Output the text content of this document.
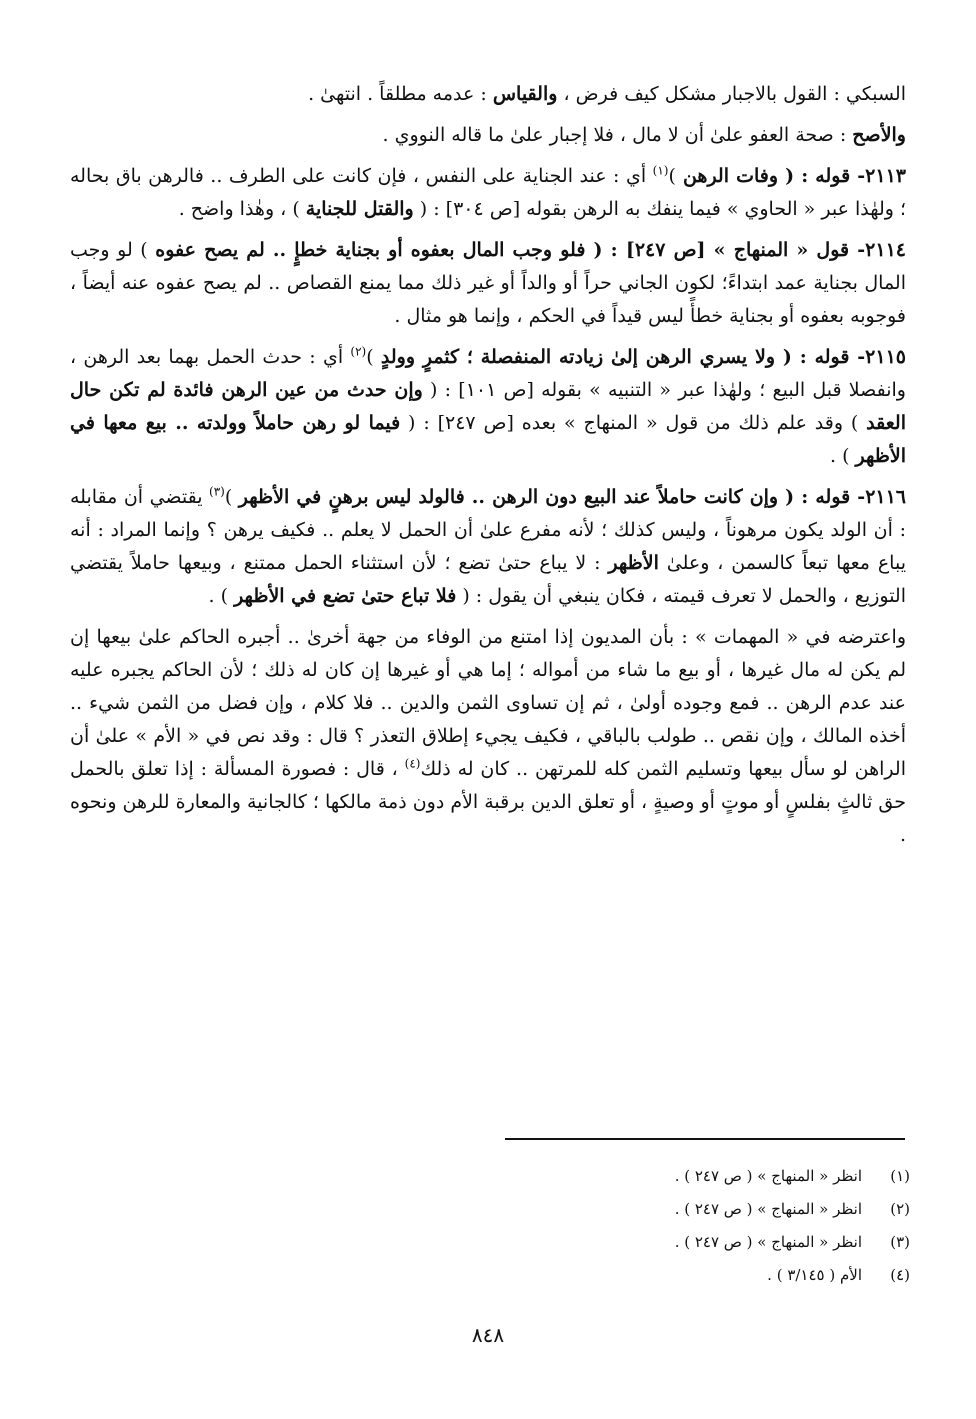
السبكي : القول بالاجبار مشكل كيف فرض ، والقياس : عدمه مطلقاً . انتهىٰ .

والأصح : صحة العفو علىٰ أن لا مال ، فلا إجبار علىٰ ما قاله النووي .

٢١١٣- قوله : ( وفات الرهن )$^{(١)}$ أي : عند الجناية على النفس ، فإن كانت على الطرف .. فالرهن باق بحاله ؛ ولهٰذا عبر « الحاوي » فيما ينفك به الرهن بقوله [ص ٣٠٤] : ( والقتل للجناية ) ، وهٰذا واضح .

٢١١٤- قول « المنهاج » [ص ٢٤٧] : ( فلو وجب المال بعفوه أو بجناية خطإٍ .. لم يصح عفوه ) لو وجب المال بجناية عمد ابتداءً؛ لكون الجاني حراً أو والداً أو غير ذلك مما يمنع القصاص .. لم يصح عفوه عنه أيضاً ، فوجوبه بعفوه أو بجناية خطأً ليس قيداً في الحكم ، وإنما هو مثال .

٢١١٥- قوله : ( ولا يسري الرهن إلىٰ زيادته المنفصلة ؛ كثمرٍ وولدٍ )$^{(٢)}$ أي : حدث الحمل بهما بعد الرهن ، وانفصلا قبل البيع ؛ ولهٰذا عبر « التنبيه » بقوله [ص ١٠١] : ( وإن حدث من عين الرهن فائدة لم تكن حال العقد ) وقد علم ذلك من قول « المنهاج » بعده [ص ٢٤٧] : ( فيما لو رهن حاملاً وولدته .. بيع معها في الأظهر ) .

٢١١٦- قوله : ( وإن كانت حاملاً عند البيع دون الرهن .. فالولد ليس برهنٍ في الأظهر )$^{(٣)}$ يقتضي أن مقابله : أن الولد يكون مرهوناً ، وليس كذلك ؛ لأنه مفرع علىٰ أن الحمل لا يعلم .. فكيف يرهن ؟ وإنما المراد : أنه يباع معها تبعاً كالسمن ، وعلىٰ الأظهر : لا يباع حتىٰ تضع ؛ لأن استثناء الحمل ممتنع ، وبيعها حاملاً يقتضي التوزيع ، والحمل لا تعرف قيمته ، فكان ينبغي أن يقول : ( فلا تباع حتىٰ تضع في الأظهر ) .

واعترضه في « المهمات » : بأن المديون إذا امتنع من الوفاء من جهة أخرىٰ .. أجبره الحاكم علىٰ بيعها إن لم يكن له مال غيرها ، أو بيع ما شاء من أمواله ؛ إما هي أو غيرها إن كان له ذلك ؛ لأن الحاكم يجبره عليه عند عدم الرهن .. فمع وجوده أولىٰ ، ثم إن تساوى الثمن والدين .. فلا كلام ، وإن فضل من الثمن شيء .. أخذه المالك ، وإن نقص .. طولب بالباقي ، فكيف يجيء إطلاق التعذر ؟ قال : وقد نص في « الأم » علىٰ أن الراهن لو سأل بيعها وتسليم الثمن كله للمرتهن .. كان له ذلك$^{(٤)}$ ، قال : فصورة المسألة : إذا تعلق بالحمل حق ثالثٍ بفلسٍ أو موتٍ أو وصيةٍ ، أو تعلق الدين برقبة الأم دون ذمة مالكها ؛ كالجانية والمعارة للرهن ونحوه .

(١)
انظر « المنهاج » ( ص ٢٤٧ ) .
(٢)
انظر « المنهاج » ( ص ٢٤٧ ) .
(٣)
انظر « المنهاج » ( ص ٢٤٧ ) .
(٤)
الأم ( ٣/١٤٥ ) .
٨٤٨
